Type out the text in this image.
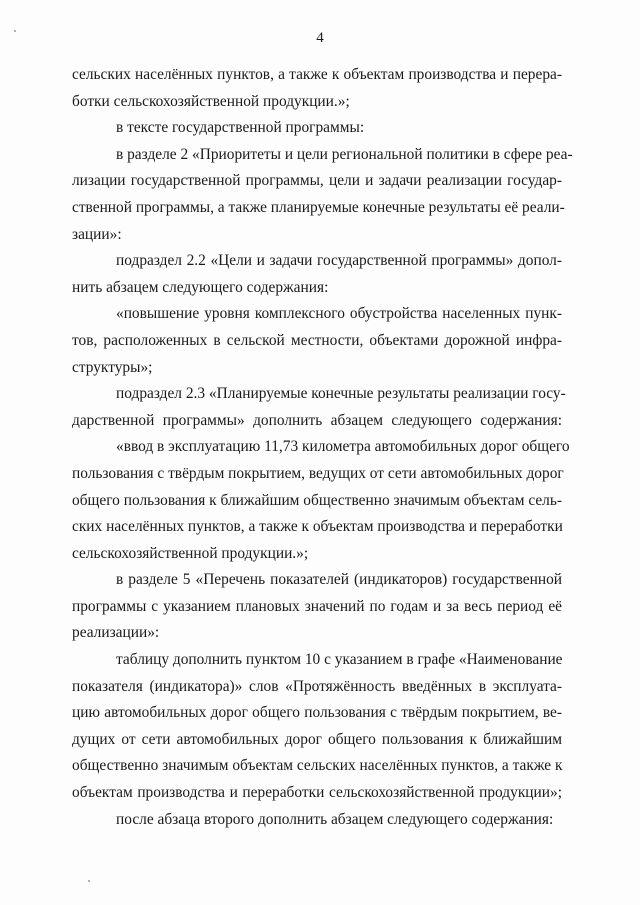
4
сельских населённых пунктов, а также к объектам производства и перера-
ботки сельскохозяйственной продукции.»;
в тексте государственной программы:
в разделе 2 «Приоритеты и цели региональной политики в сфере реа-
лизации государственной программы, цели и задачи реализации государ-
ственной программы, а также планируемые конечные результаты её реали-
зации»:
подраздел 2.2 «Цели и задачи государственной программы» допол-
нить абзацем следующего содержания:
«повышение уровня комплексного обустройства населенных пунк-
тов, расположенных в сельской местности, объектами дорожной инфра-
структуры»;
подраздел 2.3 «Планируемые конечные результаты реализации госу-
дарственной программы» дополнить абзацем следующего содержания:
«ввод в эксплуатацию 11,73 километра автомобильных дорог общего
пользования с твёрдым покрытием, ведущих от сети автомобильных дорог
общего пользования к ближайшим общественно значимым объектам сель-
ских населённых пунктов, а также к объектам производства и переработки
сельскохозяйственной продукции.»;
в разделе 5 «Перечень показателей (индикаторов) государственной
программы с указанием плановых значений по годам и за весь период её
реализации»:
таблицу дополнить пунктом 10 с указанием в графе «Наименование
показателя (индикатора)» слов «Протяжённость введённых в эксплуата-
цию автомобильных дорог общего пользования с твёрдым покрытием, ве-
дущих от сети автомобильных дорог общего пользования к ближайшим
общественно значимым объектам сельских населённых пунктов, а также к
объектам производства и переработки сельскохозяйственной продукции»;
после абзаца второго дополнить абзацем следующего содержания:
